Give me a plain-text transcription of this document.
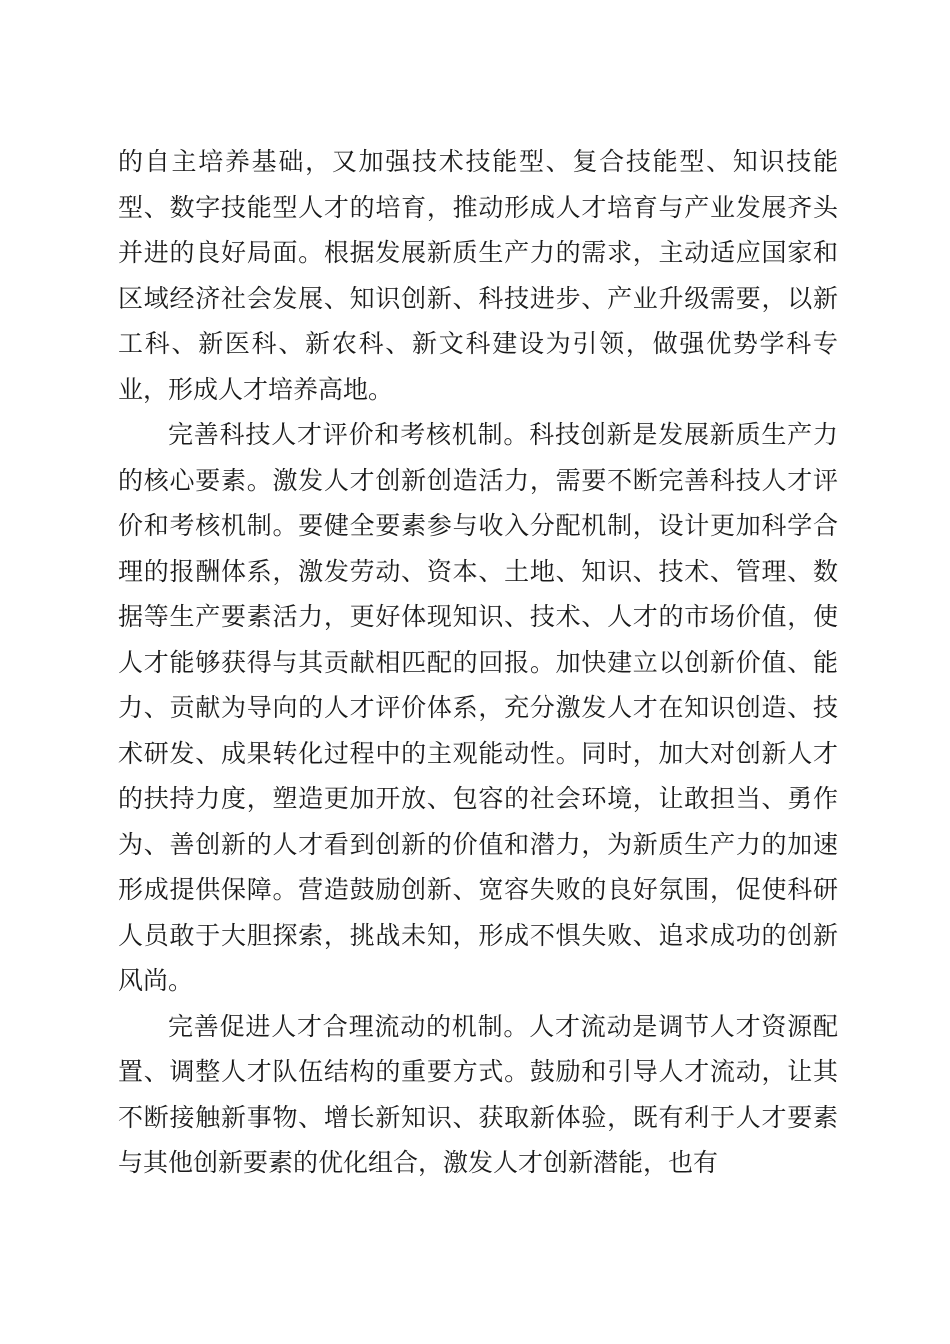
的自主培养基础，又加强技术技能型、复合技能型、知识技能型、数字技能型人才的培育，推动形成人才培育与产业发展齐头并进的良好局面。根据发展新质生产力的需求，主动适应国家和区域经济社会发展、知识创新、科技进步、产业升级需要，以新工科、新医科、新农科、新文科建设为引领，做强优势学科专业，形成人才培养高地。

完善科技人才评价和考核机制。科技创新是发展新质生产力的核心要素。激发人才创新创造活力，需要不断完善科技人才评价和考核机制。要健全要素参与收入分配机制，设计更加科学合理的报酬体系，激发劳动、资本、土地、知识、技术、管理、数据等生产要素活力，更好体现知识、技术、人才的市场价值，使人才能够获得与其贡献相匹配的回报。加快建立以创新价值、能力、贡献为导向的人才评价体系，充分激发人才在知识创造、技术研发、成果转化过程中的主观能动性。同时，加大对创新人才的扶持力度，塑造更加开放、包容的社会环境，让敢担当、勇作为、善创新的人才看到创新的价值和潜力，为新质生产力的加速形成提供保障。营造鼓励创新、宽容失败的良好氛围，促使科研人员敢于大胆探索，挑战未知，形成不惧失败、追求成功的创新风尚。

完善促进人才合理流动的机制。人才流动是调节人才资源配置、调整人才队伍结构的重要方式。鼓励和引导人才流动，让其不断接触新事物、增长新知识、获取新体验，既有利于人才要素与其他创新要素的优化组合，激发人才创新潜能，也有
